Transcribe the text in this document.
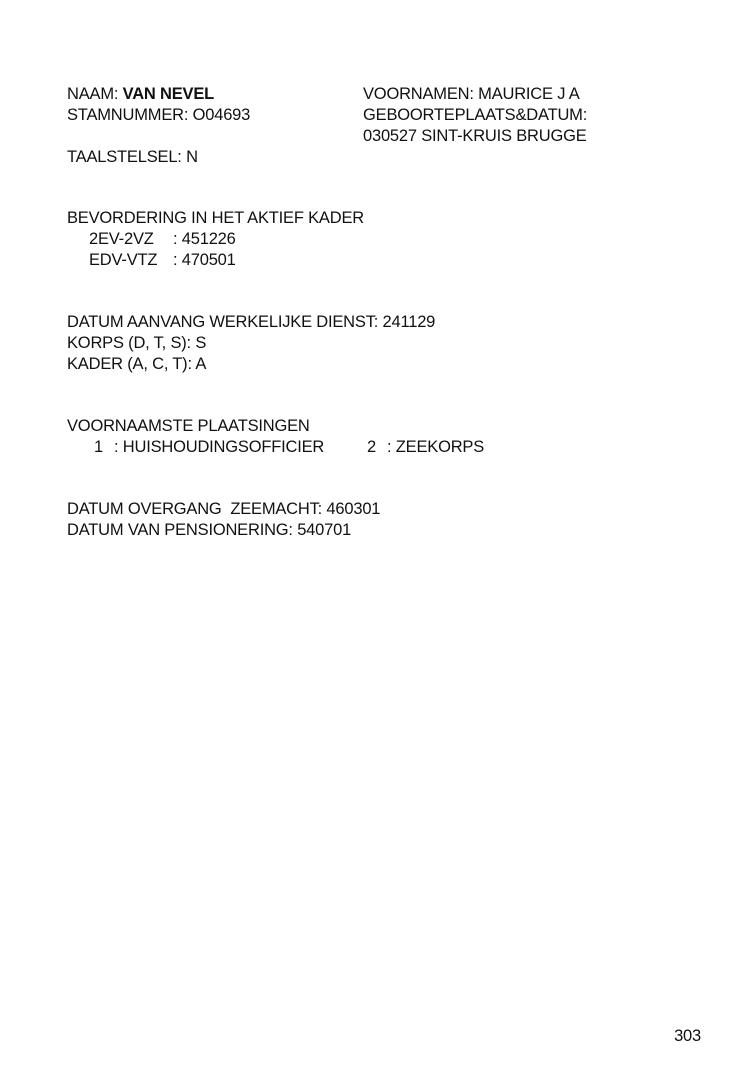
NAAM: VAN NEVEL	VOORNAMEN: MAURICE J A
STAMNUMMER: O04693	GEBOORTEPLAATS&DATUM:
030527 SINT-KRUIS BRUGGE
TAALSTELSEL: N
BEVORDERING IN HET AKTIEF KADER
2EV-2VZ : 451226
EDV-VTZ : 470501
DATUM AANVANG WERKELIJKE DIENST: 241129
KORPS (D, T, S): S
KADER (A, C, T): A
VOORNAAMSTE PLAATSINGEN
1 : HUISHOUDINGSOFFICIER	2 : ZEEKORPS
DATUM OVERGANG  ZEEMACHT: 460301
DATUM VAN PENSIONERING: 540701
303
